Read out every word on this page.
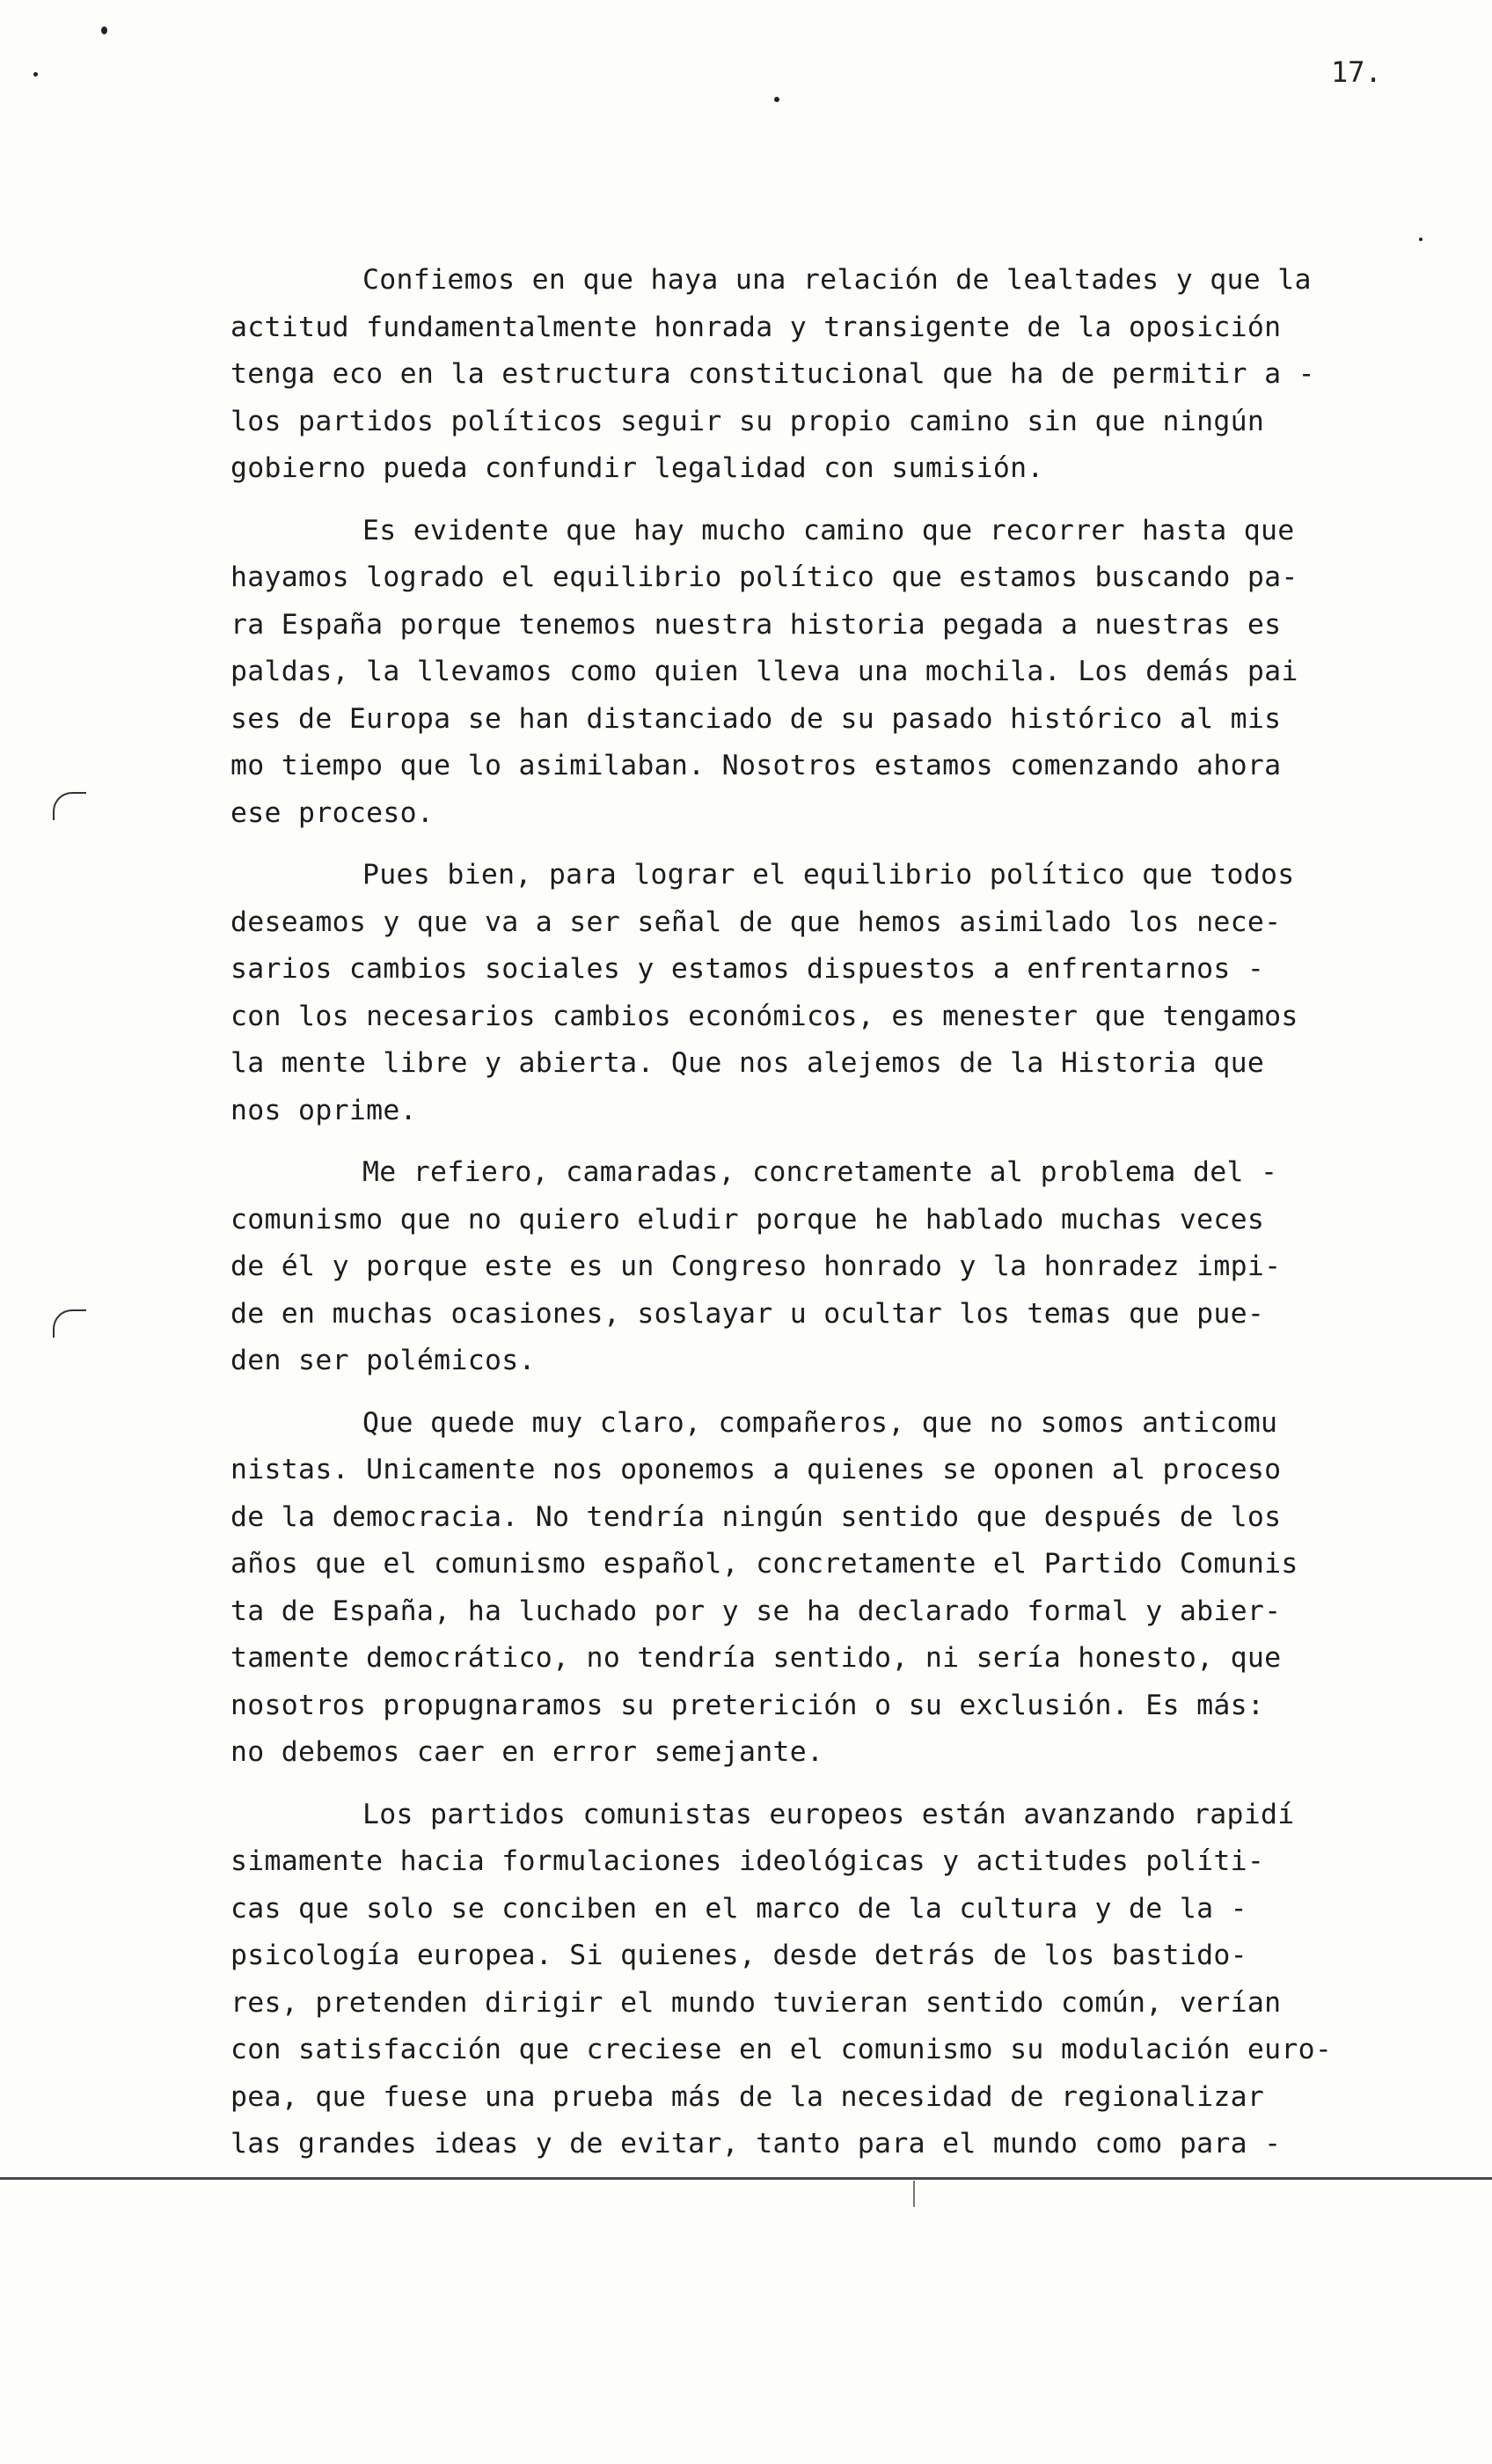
17.
Confiemos en que haya una relación de lealtades y que la
actitud fundamentalmente honrada y transigente de la oposición
tenga eco en la estructura constitucional que ha de permitir a -
los partidos políticos seguir su propio camino sin que ningún
gobierno pueda confundir legalidad con sumisión.
Es evidente que hay mucho camino que recorrer hasta que
hayamos logrado el equilibrio político que estamos buscando pa-
ra España porque tenemos nuestra historia pegada a nuestras es
paldas, la llevamos como quien lleva una mochila. Los demás pai
ses de Europa se han distanciado de su pasado histórico al mis
mo tiempo que lo asimilaban. Nosotros estamos comenzando ahora
ese proceso.
Pues bien, para lograr el equilibrio político que todos
deseamos y que va a ser señal de que hemos asimilado los nece-
sarios cambios sociales y estamos dispuestos a enfrentarnos -
con los necesarios cambios económicos, es menester que tengamos
la mente libre y abierta. Que nos alejemos de la Historia que
nos oprime.
Me refiero, camaradas, concretamente al problema del -
comunismo que no quiero eludir porque he hablado muchas veces
de él y porque este es un Congreso honrado y la honradez impi-
de en muchas ocasiones, soslayar u ocultar los temas que pue-
den ser polémicos.
Que quede muy claro, compañeros, que no somos anticomu
nistas. Unicamente nos oponemos a quienes se oponen al proceso
de la democracia. No tendría ningún sentido que después de los
años que el comunismo español, concretamente el Partido Comunis
ta de España, ha luchado por y se ha declarado formal y abier-
tamente democrático, no tendría sentido, ni sería honesto, que
nosotros propugnaramos su preterición o su exclusión. Es más:
no debemos caer en error semejante.
Los partidos comunistas europeos están avanzando rapidí
simamente hacia formulaciones ideológicas y actitudes políti-
cas que solo se conciben en el marco de la cultura y de la -
psicología europea. Si quienes, desde detrás de los bastido-
res, pretenden dirigir el mundo tuvieran sentido común, verían
con satisfacción que creciese en el comunismo su modulación euro-
pea, que fuese una prueba más de la necesidad de regionalizar
las grandes ideas y de evitar, tanto para el mundo como para -
